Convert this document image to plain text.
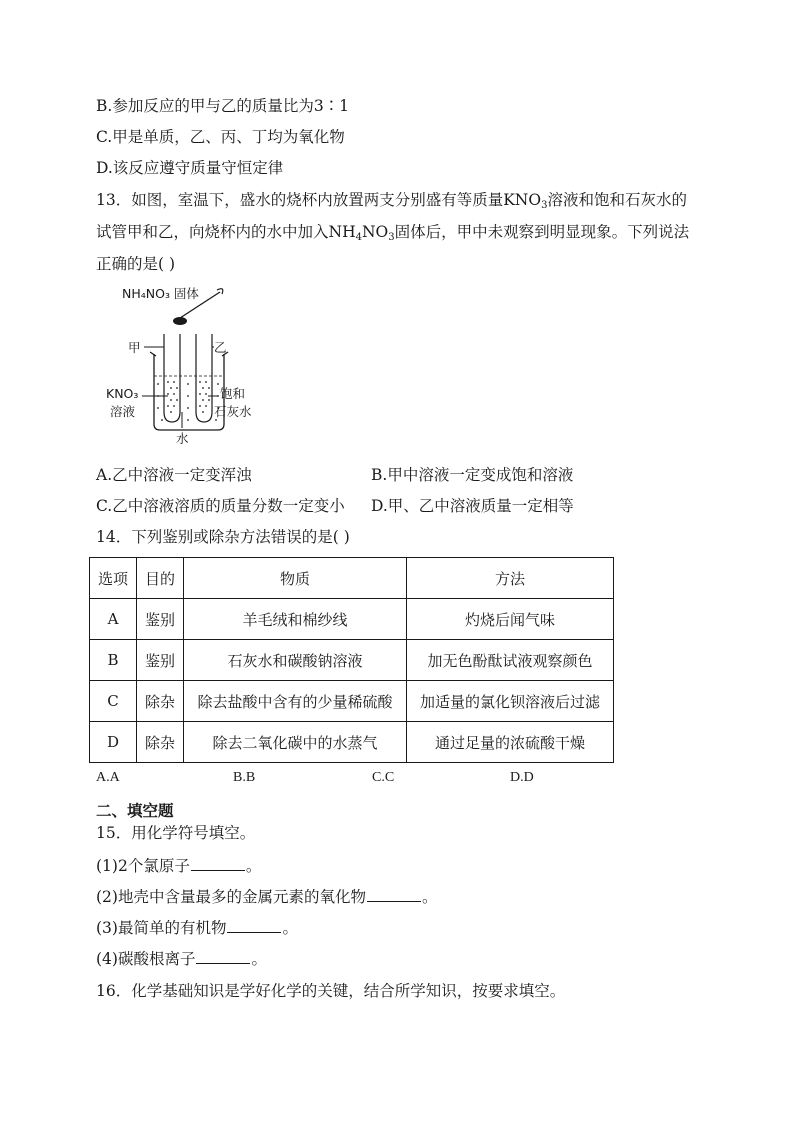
B.参加反应的甲与乙的质量比为3∶1
C.甲是单质，乙、丙、丁均为氧化物
D.该反应遵守质量守恒定律
13．如图，室温下，盛水的烧杯内放置两支分别盛有等质量$KNO_3$溶液和饱和石灰水的
试管甲和乙，向烧杯内的水中加入$NH_4NO_3$固体后，甲中未观察到明显现象。下列说法
正确的是( )
NH₄NO₃ 固体
甲	乙
KNO₃
溶液
饱和
石灰水
水
A.乙中溶液一定变浑浊	B.甲中溶液一定变成饱和溶液
C.乙中溶液溶质的质量分数一定变小 D.甲、乙中溶液质量一定相等
14．下列鉴别或除杂方法错误的是( )
选项	目的	物质	方法
A	鉴别	羊毛绒和棉纱线	灼烧后闻气味
B	鉴别	石灰水和碳酸钠溶液	加无色酚酞试液观察颜色
C	除杂	除去盐酸中含有的少量稀硫酸	加适量的氯化钡溶液后过滤
D	除杂	除去二氧化碳中的水蒸气	通过足量的浓硫酸干燥
A.A	B.B	C.C	D.D
二、填空题
15．用化学符号填空。
(1)2个氯原子	。
(2)地壳中含量最多的金属元素的氧化物	。
(3)最简单的有机物	。
(4)碳酸根离子	。
16．化学基础知识是学好化学的关键，结合所学知识，按要求填空。
